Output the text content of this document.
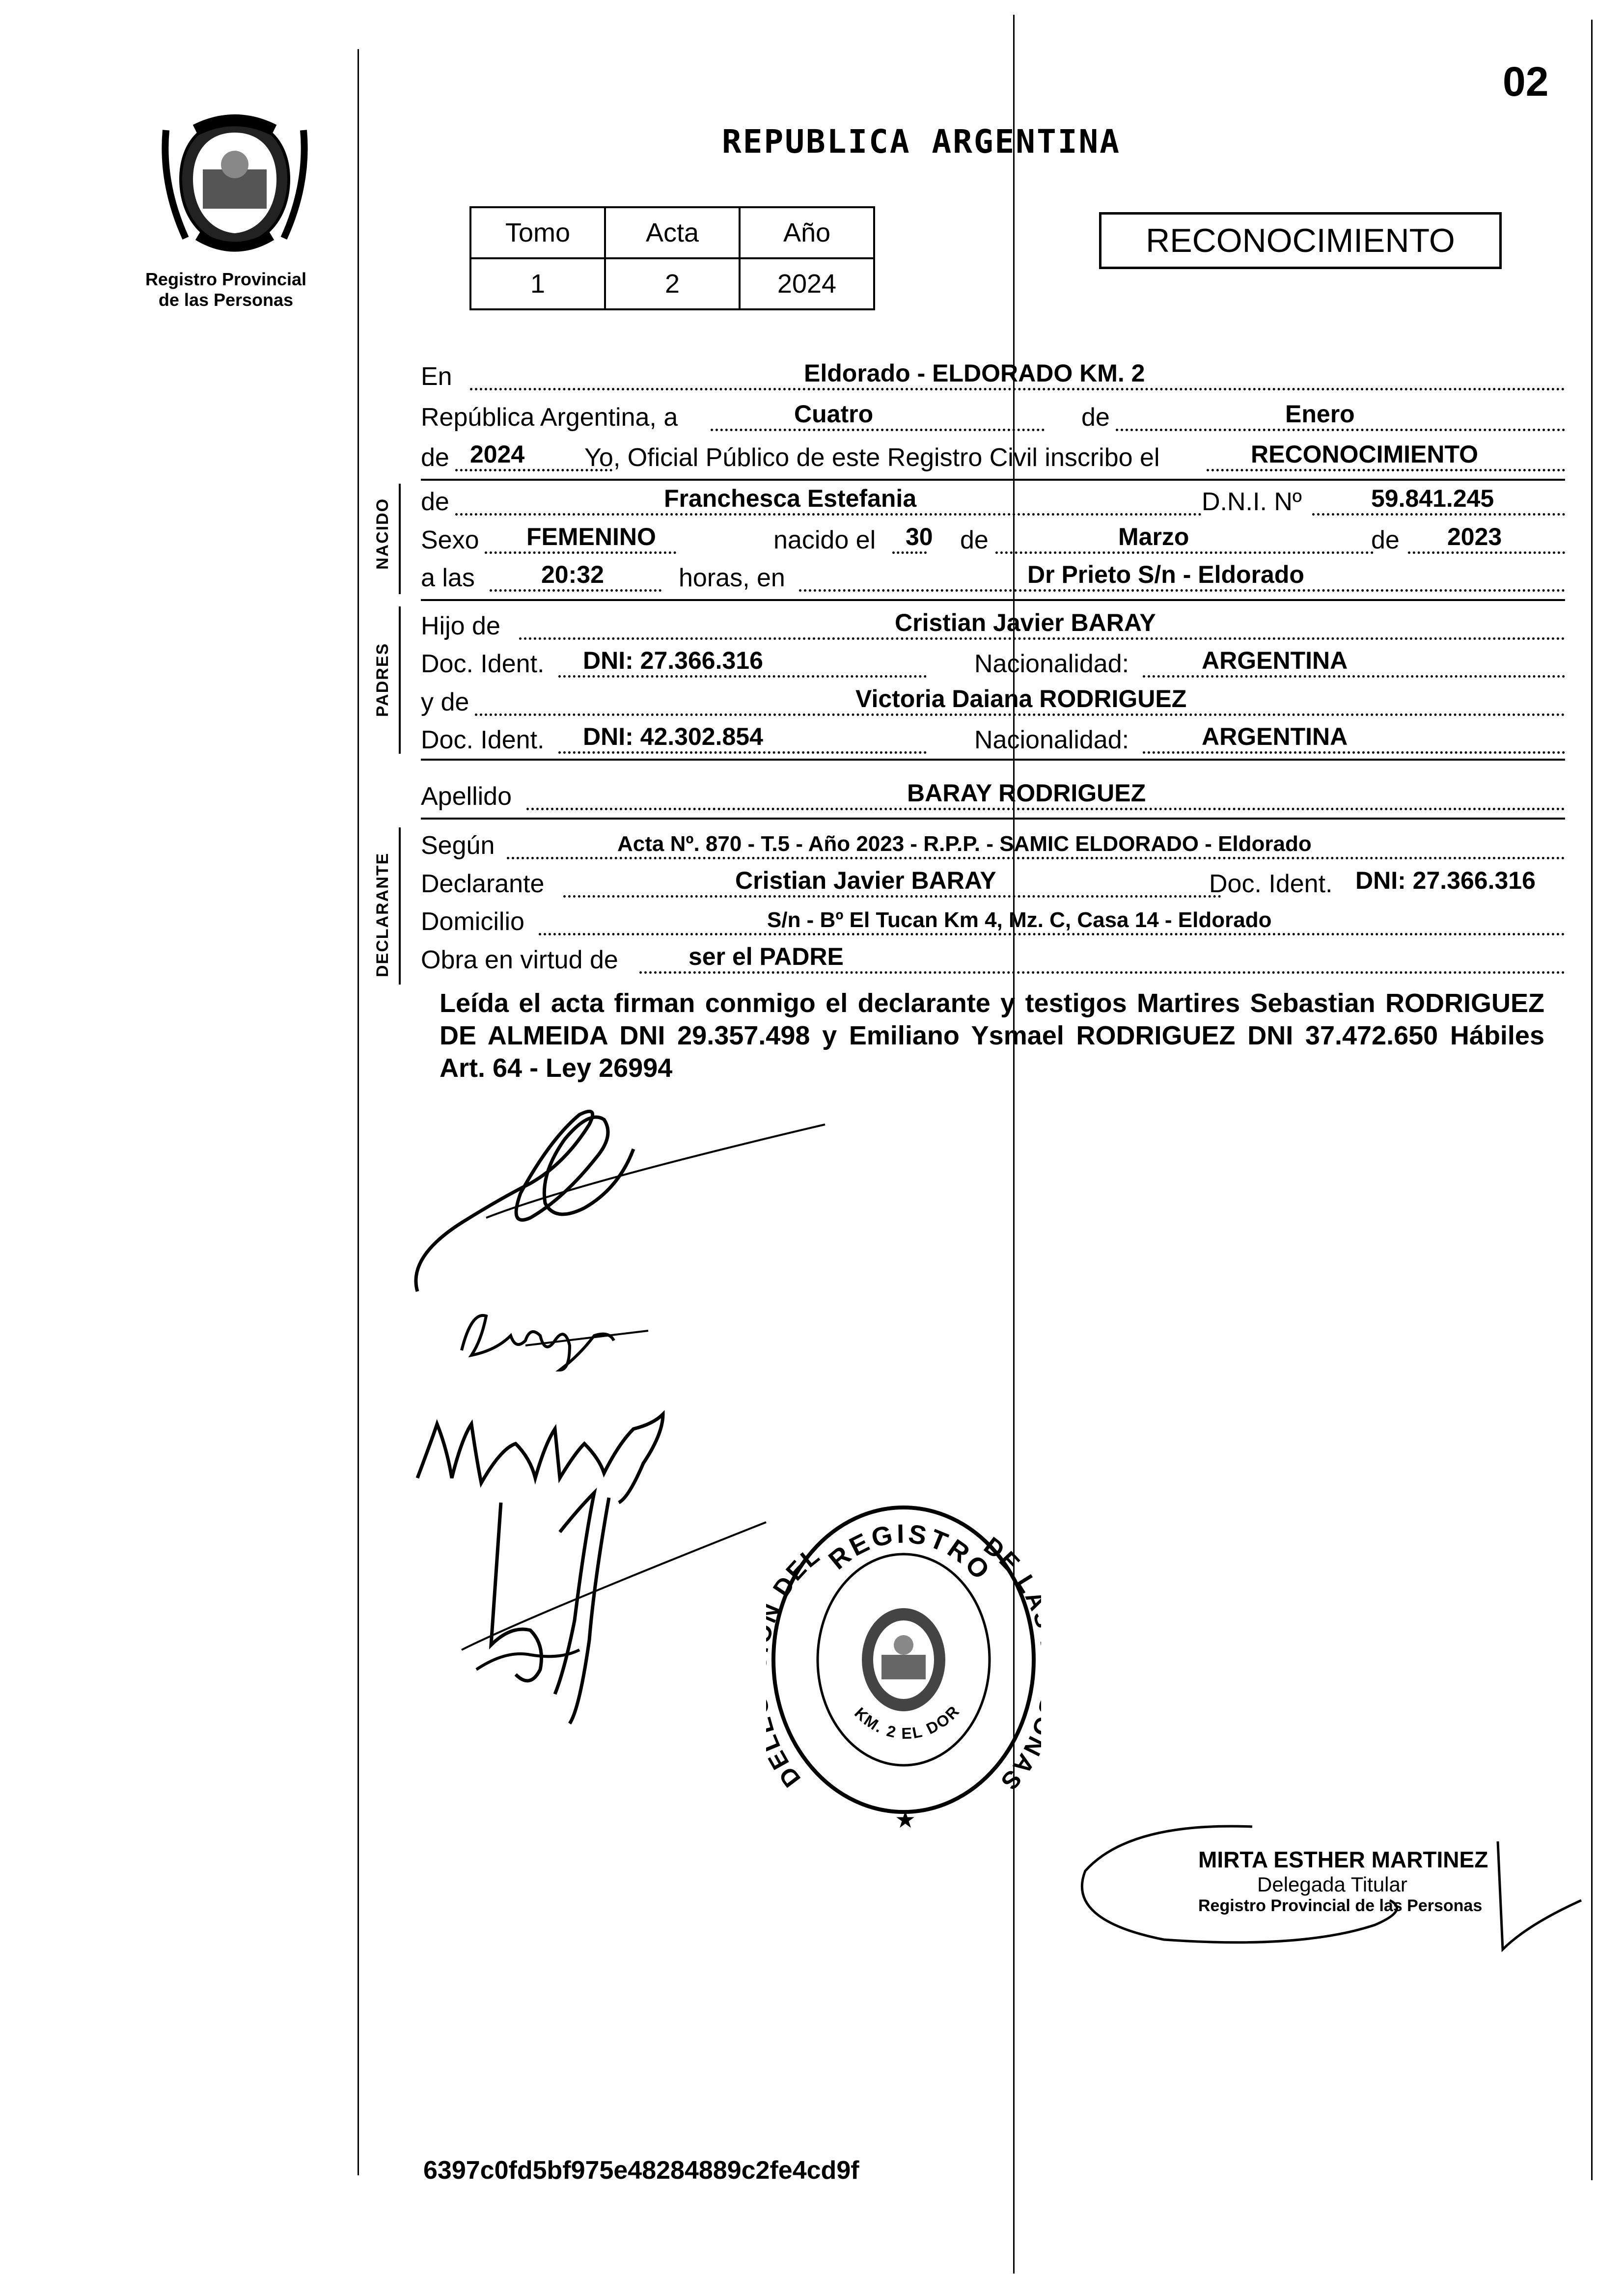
Registro Provincial
de las Personas
02
REPUBLICA ARGENTINA
Tomo	Acta	Año
1	2	2024
RECONOCIMIENTO
En	Eldorado - ELDORADO KM. 2
República Argentina, a	Cuatro	de	Enero
de 2024 Yo, Oficial Público de este Registro Civil inscribo el	RECONOCIMIENTO
NACIDO de	Franchesca Estefania	D.N.I. Nº	59.841.245
Sexo FEMENINO	nacido el 30 de	Marzo	de 2023
a las	20:32	horas, en	Dr Prieto S/n - Eldorado
PADRES
Hijo de	Cristian Javier BARAY
Doc. Ident. DNI: 27.366.316	Nacionalidad:	ARGENTINA
y de	Victoria Daiana RODRIGUEZ
Doc. Ident. DNI: 42.302.854	Nacionalidad:	ARGENTINA
Apellido	BARAY RODRIGUEZ
DECLARANTE
Según	Acta Nº. 870 - T.5 - Año 2023 - R.P.P. - SAMIC ELDORADO - Eldorado
Declarante	Cristian Javier BARAY	Doc. Ident. DNI: 27.366.316
Domicilio	S/n - Bº El Tucan Km 4, Mz. C, Casa 14 - Eldorado
Obra en virtud de	ser el PADRE
Leída el acta firman conmigo el declarante y testigos Martires Sebastian RODRIGUEZ DE ALMEIDA DNI 29.357.498 y Emiliano Ysmael RODRIGUEZ DNI 37.472.650 Hábiles Art. 64 - Ley 26994
REGISTRO
D DEL	DE L AS
KM. 2 EL DOR
★
MIRTA ESTHER MARTINEZ
Delegada Titular
Registro Provincial de las Personas
6397c0fd5bf975e48284889c2fe4cd9f
